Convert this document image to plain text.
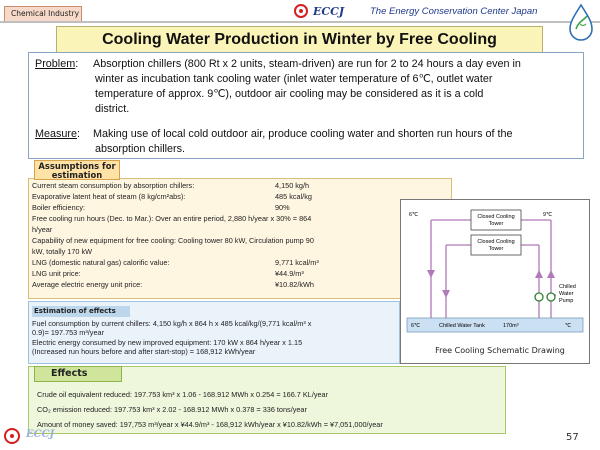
Chemical Industry	ECCJ	The Energy Conservation Center Japan
Cooling Water Production in Winter by Free Cooling
Problem: Absorption chillers (800 Rt x 2 units, steam-driven) are run for 2 to 24 hours a day even in
winter as incubation tank cooling water (inlet water temperature of 6℃, outlet water
temperature of approx. 9℃), outdoor air cooling may be considered as it is a cold
district.
Measure: Making use of local cold outdoor air, produce cooling water and shorten run hours of the
absorption chillers.
Current steam consumption by absorption chillers:	4,150 kg/h
Evaporative latent heat of steam (8 kg/cm²abs):	485 kcal/kg
Boiler efficiency:	90%
Free cooling run hours (Dec. to Mar.): Over an entire period, 2,880 h/year x 30% = 864
h/year
Capability of new equipment for free cooling: Cooling tower 80 kW, Circulation pump 90
kW, totally 170 kW
LNG (domestic natural gas) calorific value:	9,771 kcal/m³
LNG unit price:	¥44.9/m³
Average electric energy unit price:	¥10.82/kWh
Assumptions for
estimation
Fuel consumption by current chillers: 4,150 kg/h x 864 h x 485 kcal/kg/(9,771 kcal/m³ x
0.9)= 197.753 m³/year
Electric energy consumed by new improved equipment: 170 kW x 864 h/year x 1.15
(Increased run hours before and after start-stop) = 168,912 kWh/year
Estimation of effects
Crude oil equivalent reduced: 197.753 km³ x 1.06 - 168.912 MWh x 0.254 = 166.7 KL/year
CO₂ emission reduced: 197.753 km³ x 2.02 - 168.912 MWh x 0.378 = 336 tons/year
Amount of money saved: 197,753 m³/year x ¥44.9/m³ - 168,912 kWh/year x ¥10.82/kWh = ¥7,051,000/year
Effects
Closed Cooling
Tower
Closed Cooling
Tower
6℃	9℃
Chilled
Water
Pump
6℃	Chilled Water Tank	170m³	℃
Free Cooling Schematic Drawing
ECCJ	57
